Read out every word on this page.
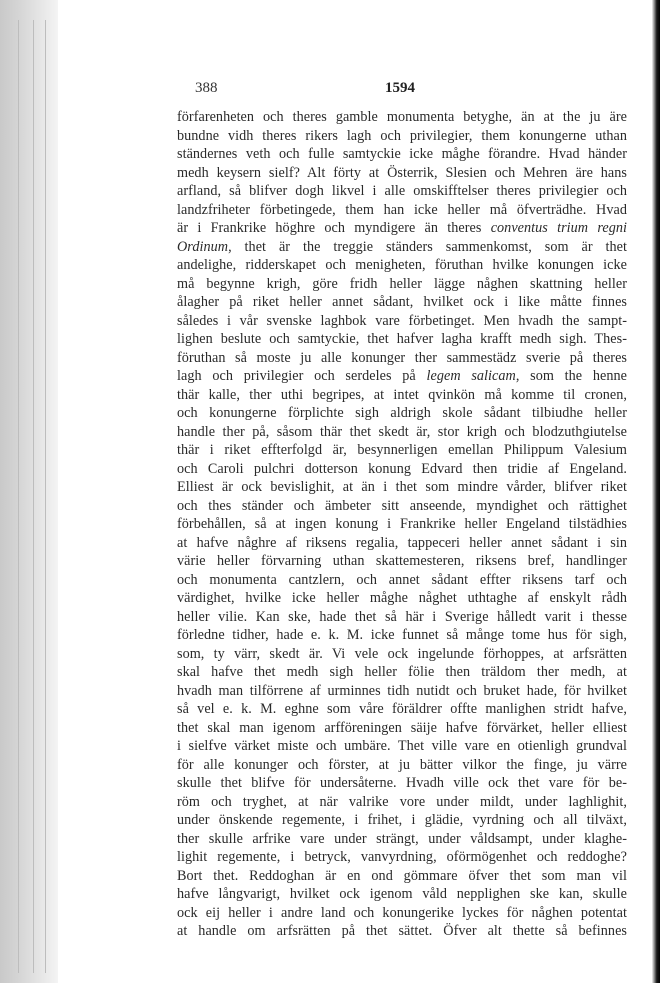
388	1594
förfarenheten och theres gamble monumenta betyghe, än at the ju äre
bundne vidh theres rikers lagh och privilegier, them konungerne uthan
ständernes veth och fulle samtyckie icke måghe förandre. Hvad händer
medh keysern sielf? Alt förty at Österrik, Slesien och Mehren äre hans
arfland, så blifver dogh likvel i alle omskifftelser theres privilegier och
landzfriheter förbetingede, them han icke heller må öfverträdhe. Hvad
är i Frankrike höghre och myndigere än theres conventus trium regni
Ordinum, thet är the treggie ständers sammenkomst, som är thet
andelighe, ridderskapet och menigheten, föruthan hvilke konungen icke
må begynne krigh, göre fridh heller lägge någhen skattning heller
ålagher på riket heller annet sådant, hvilket ock i like måtte finnes
således i vår svenske laghbok vare förbetinget. Men hvadh the sampt-
lighen beslute och samtyckie, thet hafver lagha krafft medh sigh. Thes-
föruthan så moste ju alle konunger ther sammestädz sverie på theres
lagh och privilegier och serdeles på legem salicam, som the henne
thär kalle, ther uthi begripes, at intet qvinkön må komme til cronen,
och konungerne förplichte sigh aldrigh skole sådant tilbiudhe heller
handle ther på, såsom thär thet skedt är, stor krigh och blodzuthgiutelse
thär i riket effterfolgd är, besynnerligen emellan Philippum Valesium
och Caroli pulchri dotterson konung Edvard then tridie af Engeland.
Elliest är ock bevislighit, at än i thet som mindre vårder, blifver riket
och thes ständer och ämbeter sitt anseende, myndighet och rättighet
förbehållen, så at ingen konung i Frankrike heller Engeland tilstädhies
at hafve någhre af riksens regalia, tappeceri heller annet sådant i sin
värie heller förvarning uthan skattemesteren, riksens bref, handlinger
och monumenta cantzlern, och annet sådant effter riksens tarf och
värdighet, hvilke icke heller måghe någhet uthtaghe af enskylt rådh
heller vilie. Kan ske, hade thet så här i Sverige hålledt varit i thesse
förledne tidher, hade e. k. M. icke funnet så månge tome hus för sigh,
som, ty värr, skedt är. Vi vele ock ingelunde förhoppes, at arfsrätten
skal hafve thet medh sigh heller fölie then träldom ther medh, at
hvadh man tilförrene af urminnes tidh nutidt och bruket hade, för hvilket
så vel e. k. M. eghne som våre föräldrer offte manlighen stridt hafve,
thet skal man igenom arfföreningen säije hafve förvärket, heller elliest
i sielfve värket miste och umbäre. Thet ville vare en otienligh grundval
för alle konunger och förster, at ju bätter vilkor the finge, ju värre
skulle thet blifve för undersåterne. Hvadh ville ock thet vare för be-
röm och tryghet, at när valrike vore under mildt, under laghlighit,
under önskende regemente, i frihet, i glädie, vyrdning och all tilväxt,
ther skulle arfrike vare under strängt, under våldsampt, under klaghe-
lighit regemente, i betryck, vanvyrdning, oförmögenhet och reddoghe?
Bort thet. Reddoghan är en ond gömmare öfver thet som man vil
hafve långvarigt, hvilket ock igenom våld nepplighen ske kan, skulle
ock eij heller i andre land och konungerike lyckes för någhen potentat
at handle om arfsrätten på thet sättet. Öfver alt thette så befinnes
